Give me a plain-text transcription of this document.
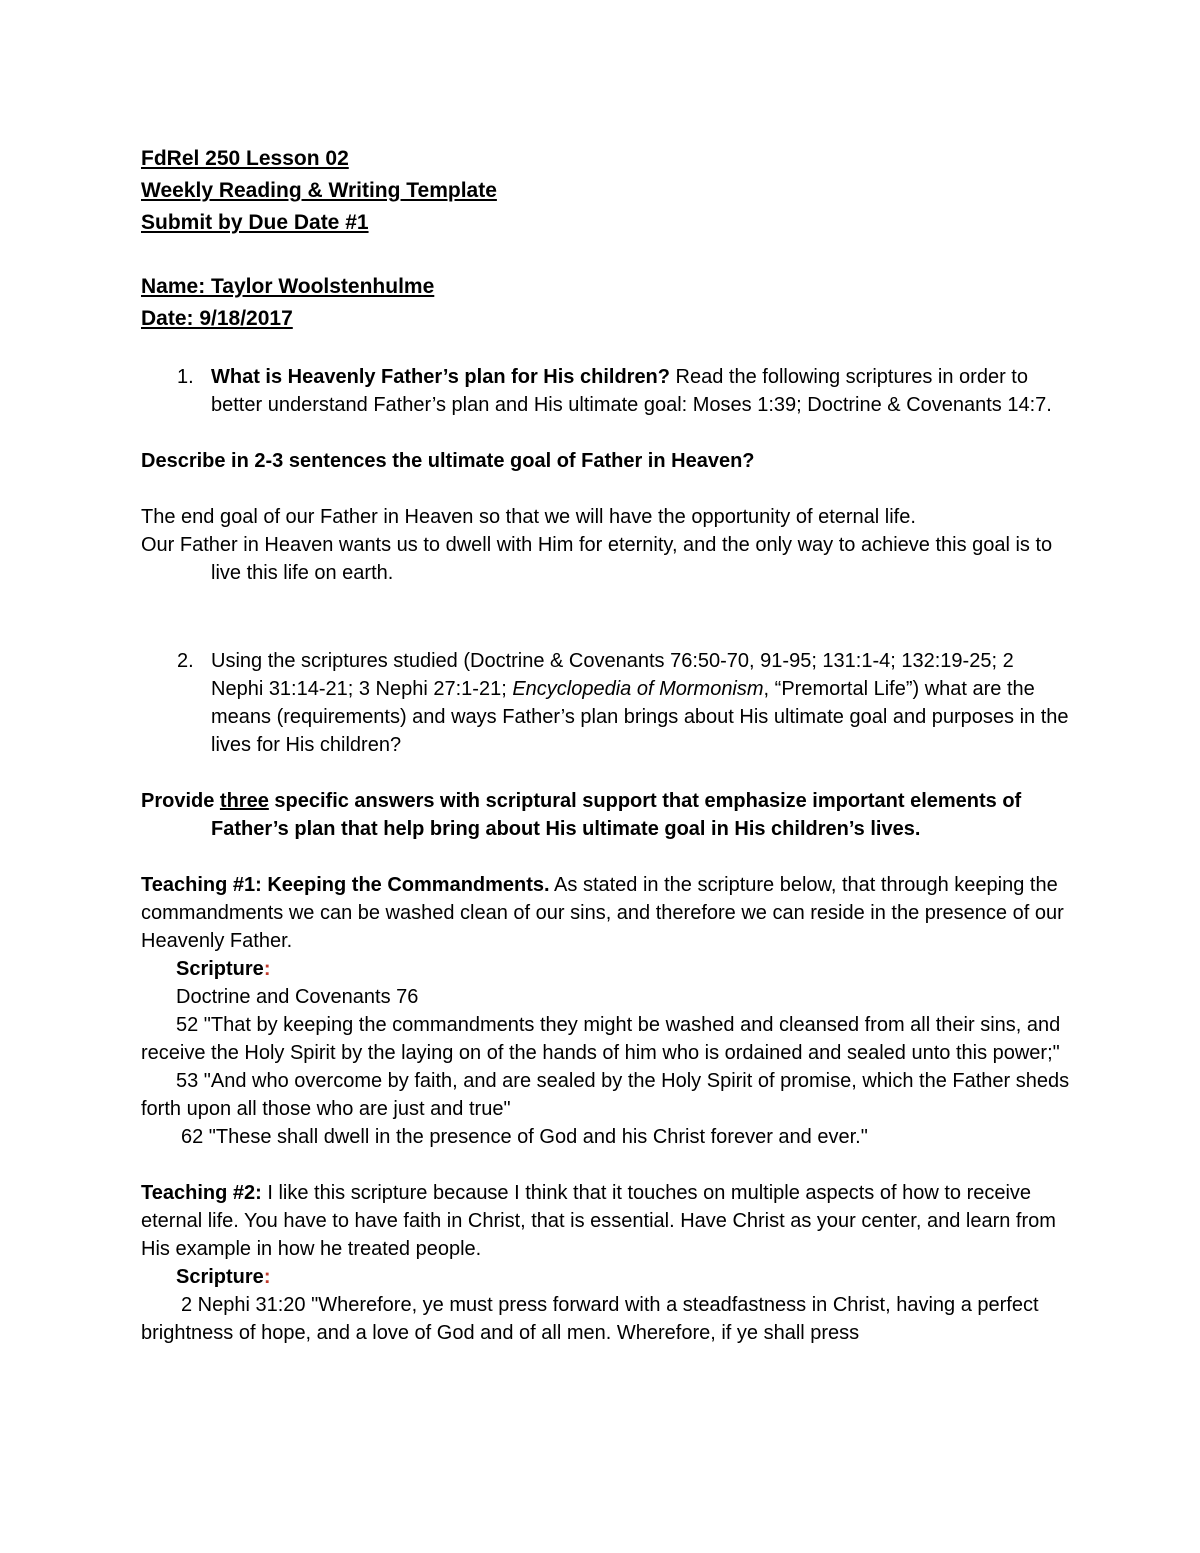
FdRel 250 Lesson 02

Weekly Reading & Writing Template

Submit by Due Date #1

Name: Taylor Woolstenhulme

Date: 9/18/2017

1. What is Heavenly Father’s plan for His children? Read the following scriptures in order to better understand Father’s plan and His ultimate goal: Moses 1:39; Doctrine & Covenants 14:7.

Describe in 2-3 sentences the ultimate goal of Father in Heaven?

The end goal of our Father in Heaven so that we will have the opportunity of eternal life.

Our Father in Heaven wants us to dwell with Him for eternity, and the only way to achieve this goal is to live this life on earth.

2. Using the scriptures studied (Doctrine & Covenants 76:50-70, 91-95; 131:1-4; 132:19-25; 2 Nephi 31:14-21; 3 Nephi 27:1-21; Encyclopedia of Mormonism, “Premortal Life”) what are the means (requirements) and ways Father’s plan brings about His ultimate goal and purposes in the lives for His children?

Provide three specific answers with scriptural support that emphasize important elements of Father’s plan that help bring about His ultimate goal in His children’s lives.

Teaching #1: Keeping the Commandments. As stated in the scripture below, that through keeping the commandments we can be washed clean of our sins, and therefore we can reside in the presence of our Heavenly Father.

Scripture:

Doctrine and Covenants 76

52 "That by keeping the commandments they might be washed and cleansed from all their sins, and receive the Holy Spirit by the laying on of the hands of him who is ordained and sealed unto this power;"

53 "And who overcome by faith, and are sealed by the Holy Spirit of promise, which the Father sheds forth upon all those who are just and true"

62 "These shall dwell in the presence of God and his Christ forever and ever."

Teaching #2: I like this scripture because I think that it touches on multiple aspects of how to receive eternal life. You have to have faith in Christ, that is essential. Have Christ as your center, and learn from His example in how he treated people.

Scripture:

2 Nephi 31:20 "Wherefore, ye must press forward with a steadfastness in Christ, having a perfect brightness of hope, and a love of God and of all men. Wherefore, if ye shall press
